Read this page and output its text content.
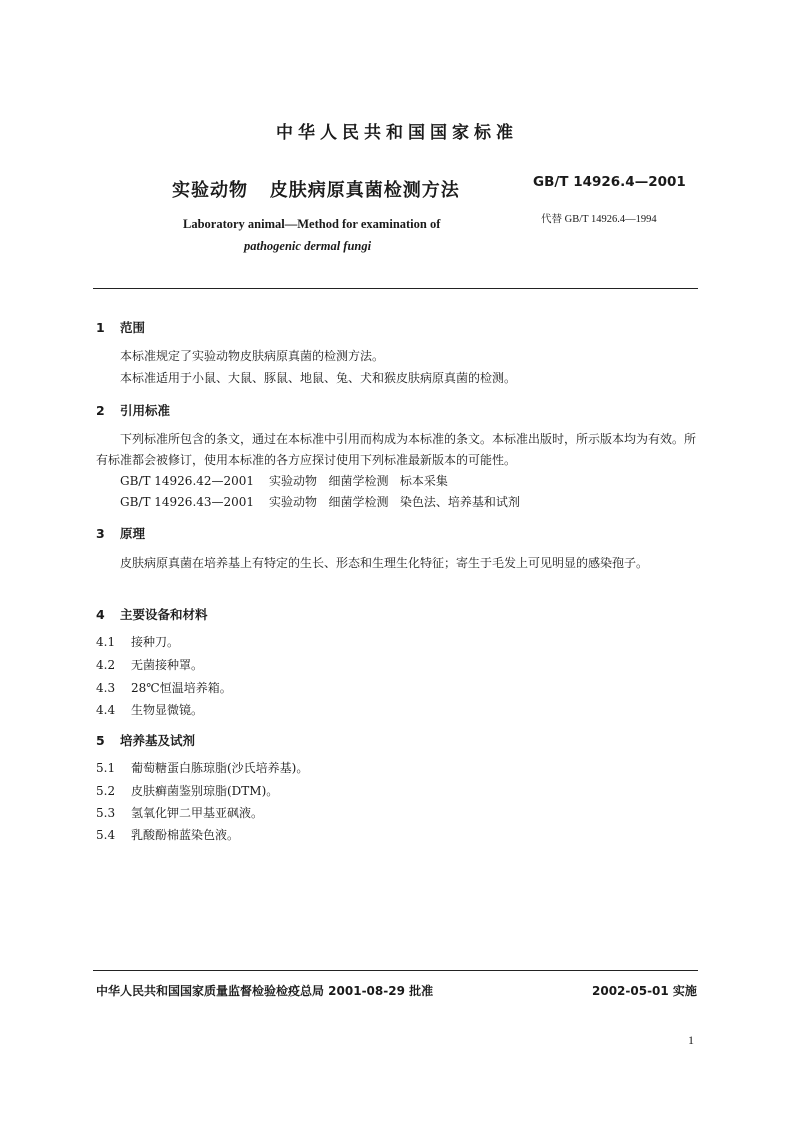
中华人民共和国国家标准
实验动物   皮肤病原真菌检测方法
Laboratory animal—Method for examination of
pathogenic dermal fungi
GB/T 14926.4—2001
代替 GB/T 14926.4—1994
1 范围
本标准规定了实验动物皮肤病原真菌的检测方法。
本标准适用于小鼠、大鼠、豚鼠、地鼠、兔、犬和猴皮肤病原真菌的检测。
2 引用标准
下列标准所包含的条文，通过在本标准中引用而构成为本标准的条文。本标准出版时，所示版本均为有效。所有标准都会被修订，使用本标准的各方应探讨使用下列标准最新版本的可能性。
GB/T 14926.42—2001 实验动物   细菌学检测   标本采集
GB/T 14926.43—2001 实验动物   细菌学检测   染色法、培养基和试剂
3 原理
皮肤病原真菌在培养基上有特定的生长、形态和生理生化特征；寄生于毛发上可见明显的感染孢子。
4 主要设备和材料
4.1 接种刀。
4.2 无菌接种罩。
4.3 28℃恒温培养箱。
4.4 生物显微镜。
5 培养基及试剂
5.1 葡萄糖蛋白胨琼脂(沙氏培养基)。
5.2 皮肤癣菌鉴别琼脂(DTM)。
5.3 氢氧化钾二甲基亚砜液。
5.4 乳酸酚棉蓝染色液。
中华人民共和国国家质量监督检验检疫总局 2001-08-29 批准	2002-05-01 实施
1
